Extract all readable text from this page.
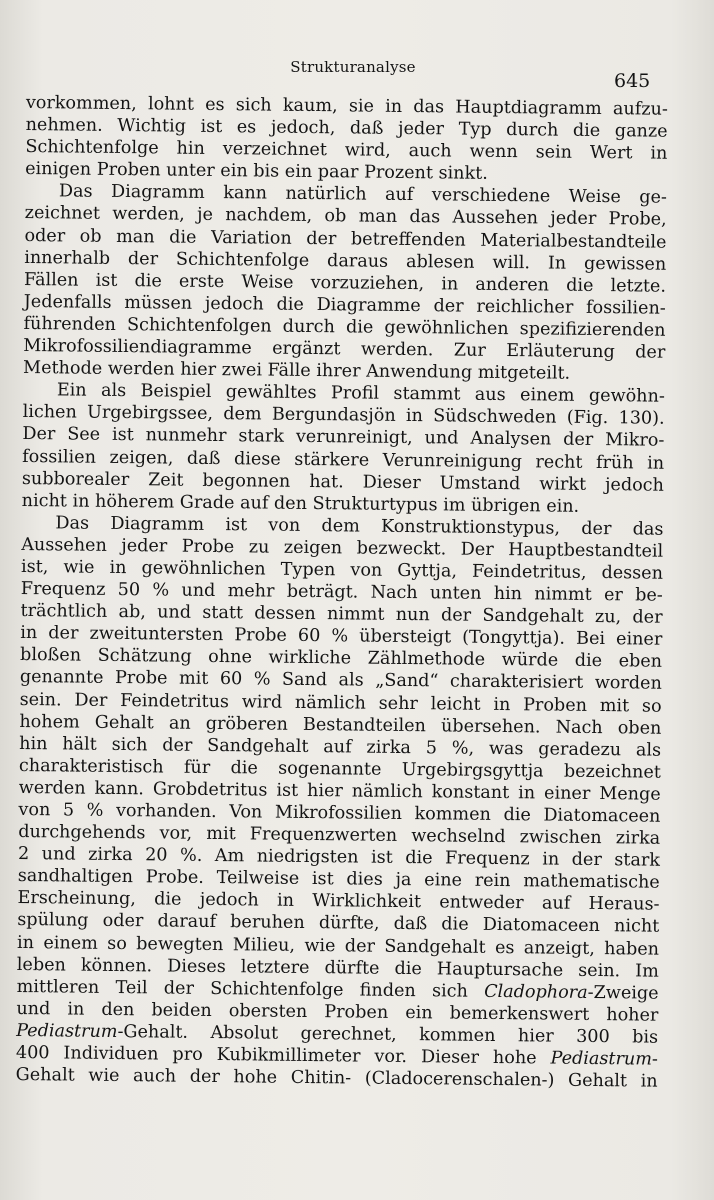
Strukturanalyse
645
vorkommen, lohnt es sich kaum, sie in das Hauptdiagramm aufzu-
nehmen. Wichtig ist es jedoch, daß jeder Typ durch die ganze
Schichtenfolge hin verzeichnet wird, auch wenn sein Wert in
einigen Proben unter ein bis ein paar Prozent sinkt.
Das Diagramm kann natürlich auf verschiedene Weise ge-
zeichnet werden, je nachdem, ob man das Aussehen jeder Probe,
oder ob man die Variation der betreffenden Materialbestandteile
innerhalb der Schichtenfolge daraus ablesen will. In gewissen
Fällen ist die erste Weise vorzuziehen, in anderen die letzte.
Jedenfalls müssen jedoch die Diagramme der reichlicher fossilien-
führenden Schichtenfolgen durch die gewöhnlichen spezifizierenden
Mikrofossiliendiagramme ergänzt werden. Zur Erläuterung der
Methode werden hier zwei Fälle ihrer Anwendung mitgeteilt.
Ein als Beispiel gewähltes Profil stammt aus einem gewöhn-
lichen Urgebirgssee, dem Bergundasjön in Südschweden (Fig. 130).
Der See ist nunmehr stark verunreinigt, und Analysen der Mikro-
fossilien zeigen, daß diese stärkere Verunreinigung recht früh in
subborealer Zeit begonnen hat. Dieser Umstand wirkt jedoch
nicht in höherem Grade auf den Strukturtypus im übrigen ein.
Das Diagramm ist von dem Konstruktionstypus, der das
Aussehen jeder Probe zu zeigen bezweckt. Der Hauptbestandteil
ist, wie in gewöhnlichen Typen von Gyttja, Feindetritus, dessen
Frequenz 50 % und mehr beträgt. Nach unten hin nimmt er be-
trächtlich ab, und statt dessen nimmt nun der Sandgehalt zu, der
in der zweituntersten Probe 60 % übersteigt (Tongyttja). Bei einer
bloßen Schätzung ohne wirkliche Zählmethode würde die eben
genannte Probe mit 60 % Sand als „Sand“ charakterisiert worden
sein. Der Feindetritus wird nämlich sehr leicht in Proben mit so
hohem Gehalt an gröberen Bestandteilen übersehen. Nach oben
hin hält sich der Sandgehalt auf zirka 5 %, was geradezu als
charakteristisch für die sogenannte Urgebirgsgyttja bezeichnet
werden kann. Grobdetritus ist hier nämlich konstant in einer Menge
von 5 % vorhanden. Von Mikrofossilien kommen die Diatomaceen
durchgehends vor, mit Frequenzwerten wechselnd zwischen zirka
2 und zirka 20 %. Am niedrigsten ist die Frequenz in der stark
sandhaltigen Probe. Teilweise ist dies ja eine rein mathematische
Erscheinung, die jedoch in Wirklichkeit entweder auf Heraus-
spülung oder darauf beruhen dürfte, daß die Diatomaceen nicht
in einem so bewegten Milieu, wie der Sandgehalt es anzeigt, haben
leben können. Dieses letztere dürfte die Hauptursache sein. Im
mittleren Teil der Schichtenfolge finden sich Cladophora-Zweige
und in den beiden obersten Proben ein bemerkenswert hoher
Pediastrum-Gehalt. Absolut gerechnet, kommen hier 300 bis
400 Individuen pro Kubikmillimeter vor. Dieser hohe Pediastrum-
Gehalt wie auch der hohe Chitin- (Cladocerenschalen-) Gehalt in
